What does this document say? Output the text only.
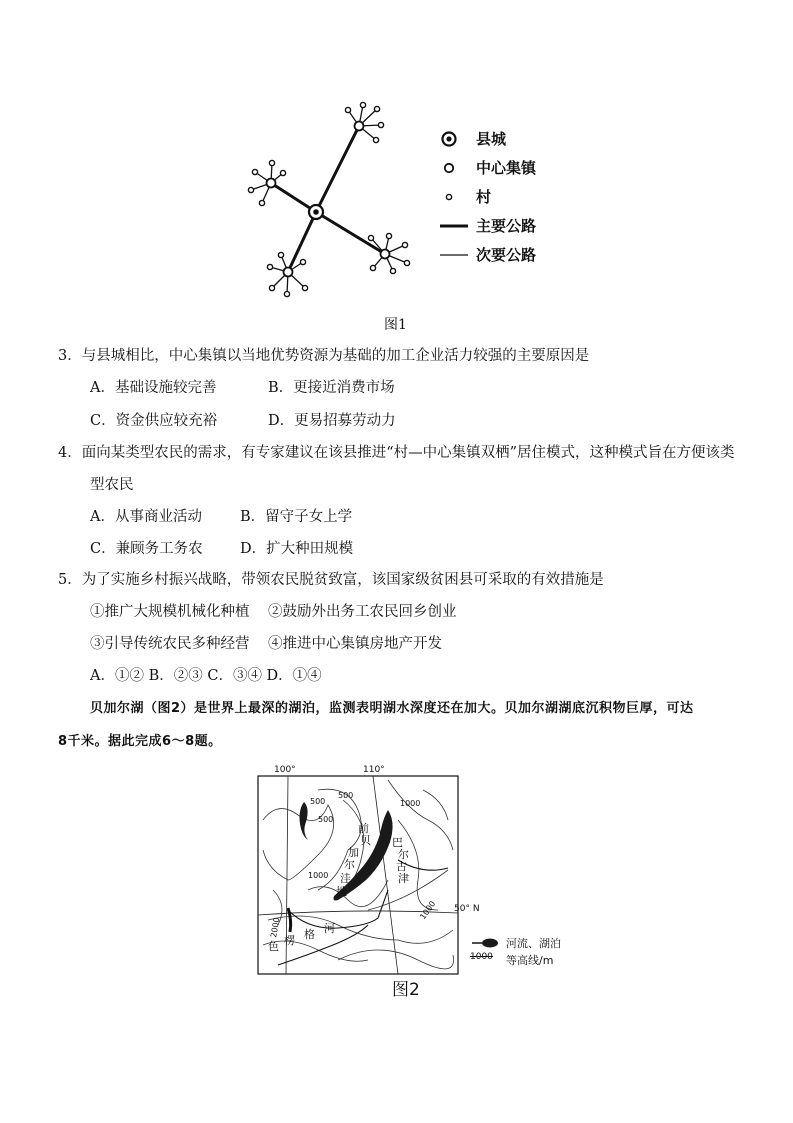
县城
中心集镇
村
主要公路
次要公路
图1
3．与县城相比，中心集镇以当地优势资源为基础的加工企业活力较强的主要原因是
A．基础设施较完善	B．更接近消费市场
C．资金供应较充裕	D．更易招募劳动力
4．面向某类型农民的需求，有专家建议在该县推进“村—中心集镇双栖”居住模式，这种模式旨在方便该类
型农民
A．从事商业活动	B．留守子女上学
C．兼顾务工务农	D．扩大种田规模
5．为了实施乡村振兴战略，带领农民脱贫致富，该国家级贫困县可采取的有效措施是
①推广大规模机械化种植 ②鼓励外出务工农民回乡创业
③引导传统农民多种经营 ④推进中心集镇房地产开发
A．①② B．②③ C．③④ D．①④
贝加尔湖（图2）是世界上最深的湖泊，监测表明湖水深度还在加大。贝加尔湖湖底沉积物巨厚，可达
8千米。据此完成6～8题。
100°	110°
50° N
500
500
500
1000
1000
1000
2000
巴
尔
古
津
前
贝
加
尔
洼
地
色 楞 格 河
河流、湖泊
1000 等高线/m
图2
